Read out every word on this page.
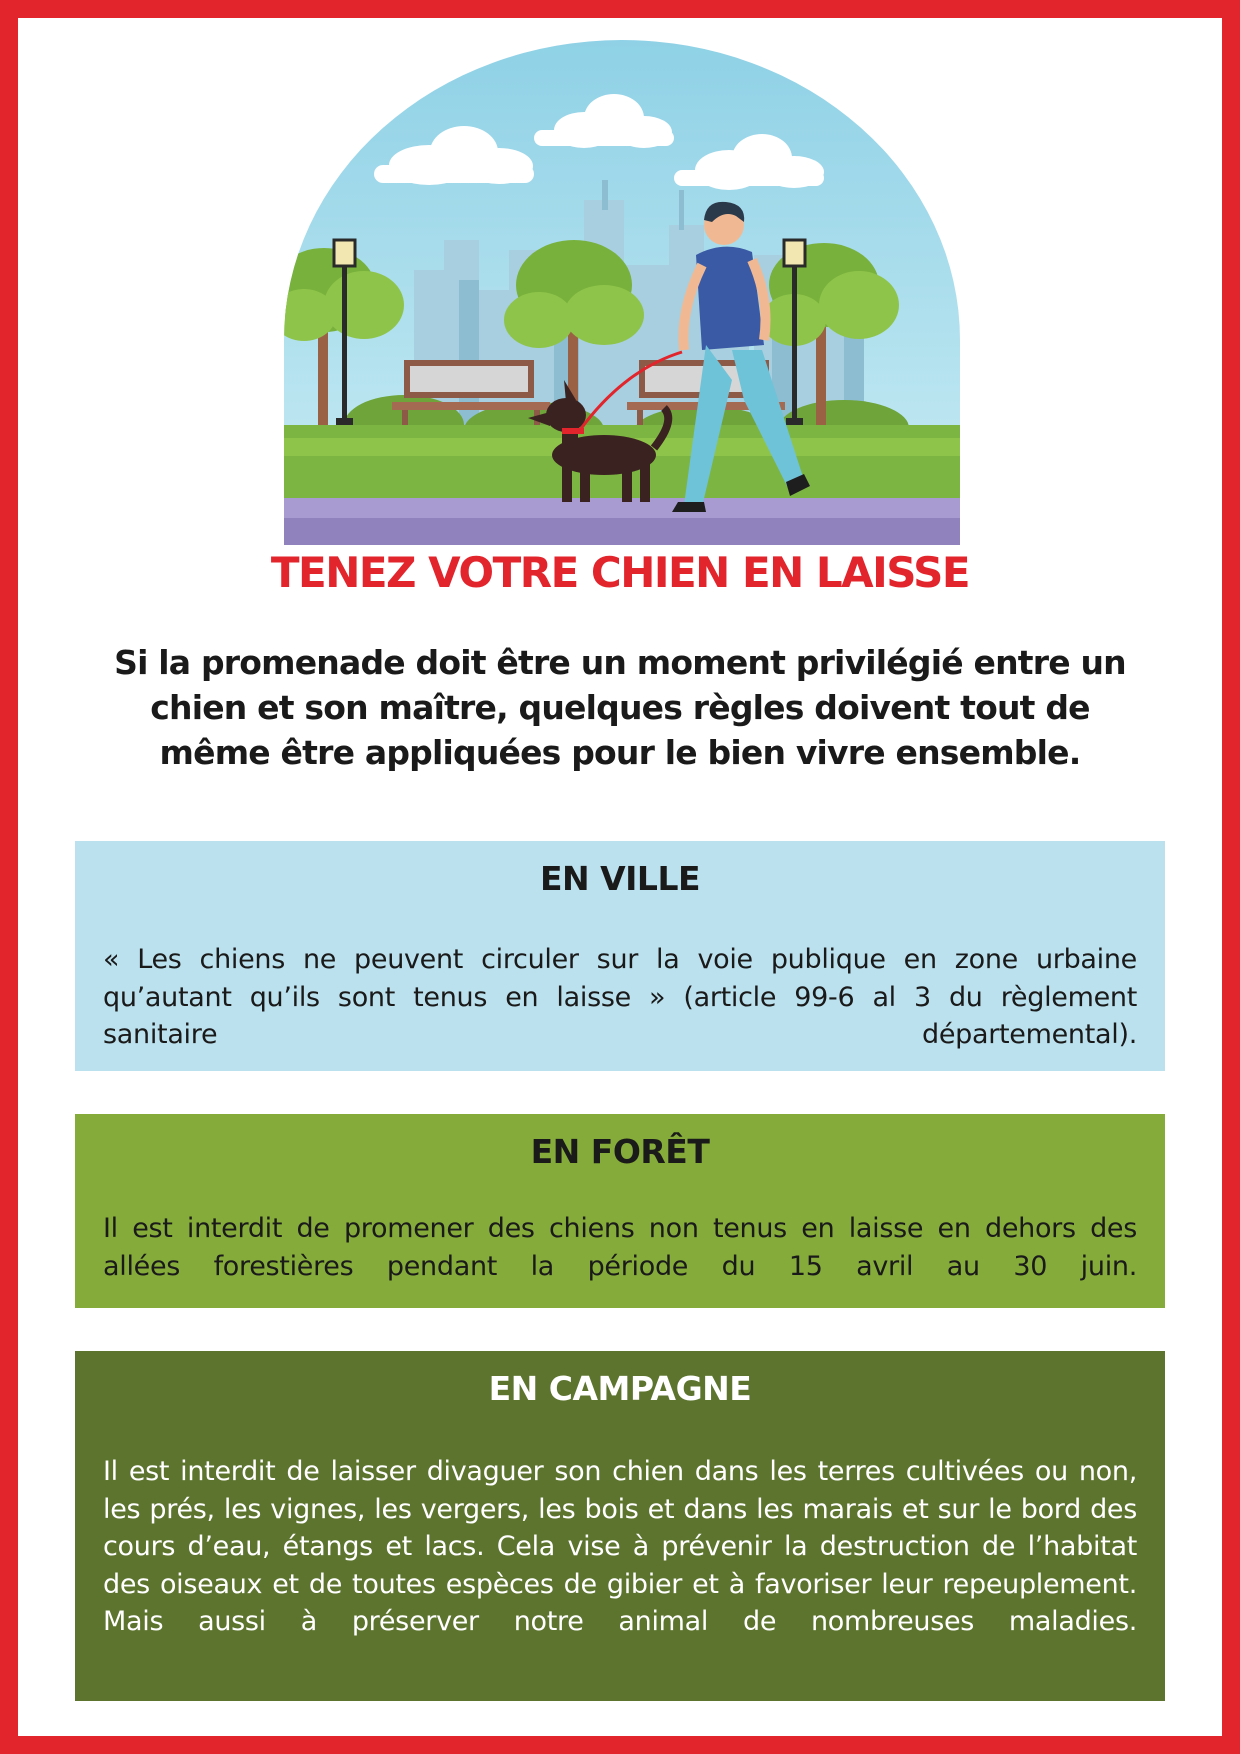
TENEZ VOTRE CHIEN EN LAISSE
Si la promenade doit être un moment privilégié entre un chien et son maître, quelques règles doivent tout de même être appliquées pour le bien vivre ensemble.
EN VILLE

« Les chiens ne peuvent circuler sur la voie publique en zone urbaine qu’autant qu’ils sont tenus en laisse » (article 99-6 al 3 du règlement sanitaire départemental).

EN FORÊT

Il est interdit de promener des chiens non tenus en laisse en dehors des allées forestières pendant la période du 15 avril au 30 juin.

EN CAMPAGNE

Il est interdit de laisser divaguer son chien dans les terres cultivées ou non, les prés, les vignes, les vergers, les bois et dans les marais et sur le bord des cours d’eau, étangs et lacs. Cela vise à prévenir la destruction de l’habitat des oiseaux et de toutes espèces de gibier et à favoriser leur repeuplement. Mais aussi à préserver notre animal de nombreuses maladies.
